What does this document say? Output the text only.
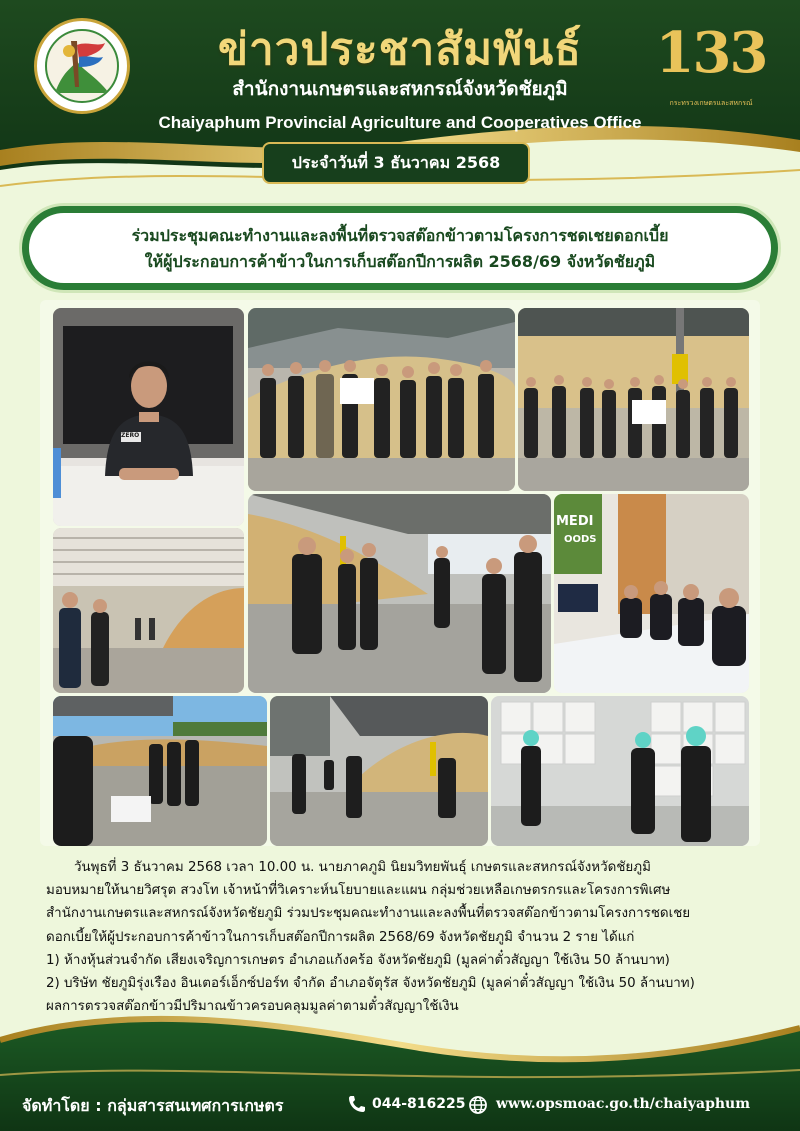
ข่าวประชาสัมพันธ์
สำนักงานเกษตรและสหกรณ์จังหวัดชัยภูมิ
Chaiyaphum Provincial Agriculture and Cooperatives Office
133
กระทรวงเกษตรและสหกรณ์
ประจำวันที่ 3 ธันวาคม 2568
ร่วมประชุมคณะทำงานและลงพื้นที่ตรวจสต๊อกข้าวตามโครงการชดเชยดอกเบี้ย
ให้ผู้ประกอบการค้าข้าวในการเก็บสต๊อกปีการผลิต 2568/69 จังหวัดชัยภูมิ
ZERO
MEDI
OODS

วันพุธที่ 3 ธันวาคม 2568 เวลา 10.00 น. นายภาคภูมิ นิยมวิทยพันธุ์ เกษตรและสหกรณ์จังหวัดชัยภูมิ

มอบหมายให้นายวิศรุต สวงโท เจ้าหน้าที่วิเคราะห์นโยบายและแผน กลุ่มช่วยเหลือเกษตรกรและโครงการพิเศษ

สำนักงานเกษตรและสหกรณ์จังหวัดชัยภูมิ ร่วมประชุมคณะทำงานและลงพื้นที่ตรวจสต๊อกข้าวตามโครงการชดเชย

ดอกเบี้ยให้ผู้ประกอบการค้าข้าวในการเก็บสต๊อกปีการผลิต 2568/69 จังหวัดชัยภูมิ จำนวน 2 ราย ได้แก่

1) ห้างหุ้นส่วนจำกัด เสียงเจริญการเกษตร อำเภอแก้งคร้อ จังหวัดชัยภูมิ (มูลค่าตั๋วสัญญา ใช้เงิน 50 ล้านบาท)

2) บริษัท ชัยภูมิรุ่งเรือง อินเตอร์เอ็กซ์ปอร์ท จำกัด อำเภอจัตุรัส จังหวัดชัยภูมิ (มูลค่าตั๋วสัญญา ใช้เงิน 50 ล้านบาท)

ผลการตรวจสต๊อกข้าวมีปริมาณข้าวครอบคลุมมูลค่าตามตั๋วสัญญาใช้เงิน

จัดทำโดย : กลุ่มสารสนเทศการเกษตร	044-816225 www.opsmoac.go.th/chaiyaphum
